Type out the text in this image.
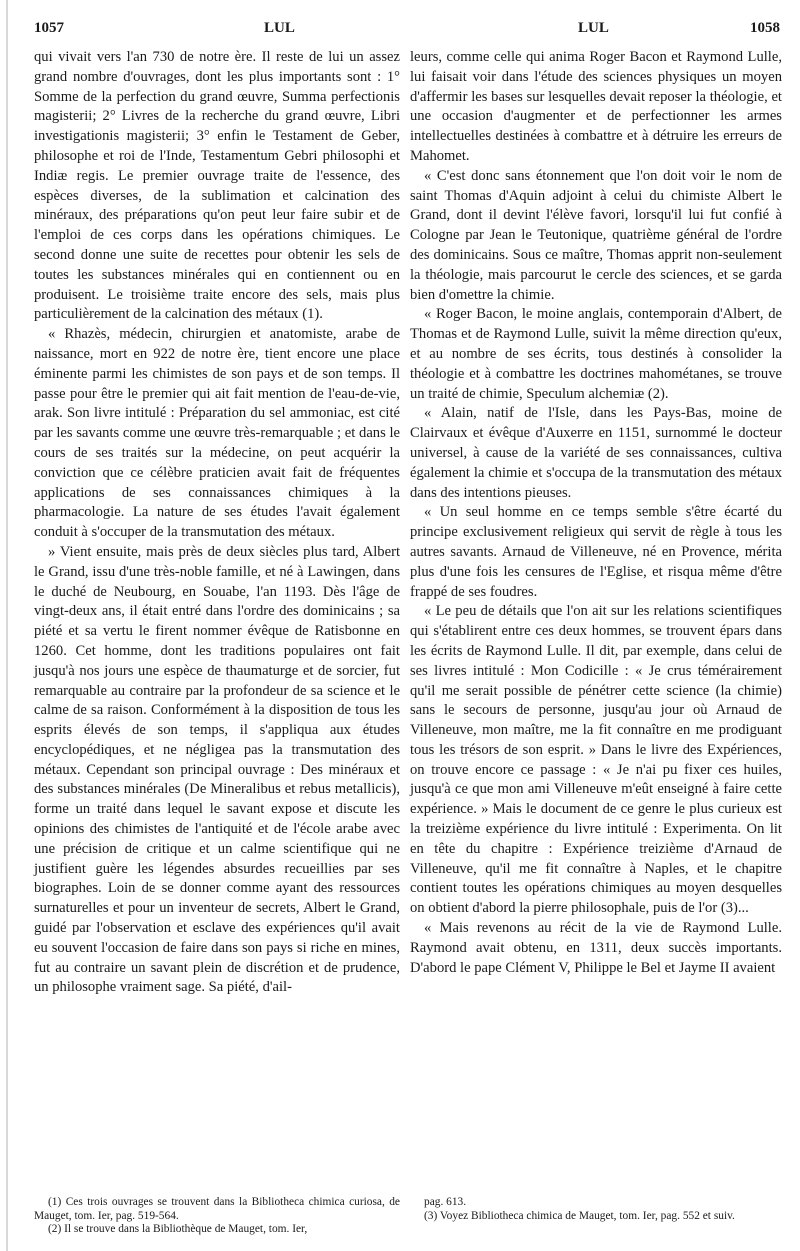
1057	LUL	LUL	1058

qui vivait vers l'an 730 de notre ère. Il reste de lui un assez grand nombre d'ouvrages, dont les plus importants sont : 1° Somme de la perfection du grand œuvre, Summa perfectionis magisterii; 2° Livres de la recherche du grand œuvre, Libri investigationis magisterii; 3° enfin le Testament de Geber, philosophe et roi de l'Inde, Testamentum Gebri philosophi et Indiæ regis. Le premier ouvrage traite de l'essence, des espèces diverses, de la sublimation et calcination des minéraux, des préparations qu'on peut leur faire subir et de l'emploi de ces corps dans les opérations chimiques. Le second donne une suite de recettes pour obtenir les sels de toutes les substances minérales qui en contiennent ou en produisent. Le troisième traite encore des sels, mais plus particulièrement de la calcination des métaux (1).

« Rhazès, médecin, chirurgien et anatomiste, arabe de naissance, mort en 922 de notre ère, tient encore une place éminente parmi les chimistes de son pays et de son temps. Il passe pour être le premier qui ait fait mention de l'eau-de-vie, arak. Son livre intitulé : Préparation du sel ammoniac, est cité par les savants comme une œuvre très-remarquable ; et dans le cours de ses traités sur la médecine, on peut acquérir la conviction que ce célèbre praticien avait fait de fréquentes applications de ses connaissances chimiques à la pharmacologie. La nature de ses études l'avait également conduit à s'occuper de la transmutation des métaux.

» Vient ensuite, mais près de deux siècles plus tard, Albert le Grand, issu d'une très-noble famille, et né à Lawingen, dans le duché de Neubourg, en Souabe, l'an 1193. Dès l'âge de vingt-deux ans, il était entré dans l'ordre des dominicains ; sa piété et sa vertu le firent nommer évêque de Ratisbonne en 1260. Cet homme, dont les traditions populaires ont fait jusqu'à nos jours une espèce de thaumaturge et de sorcier, fut remarquable au contraire par la profondeur de sa science et le calme de sa raison. Conformément à la disposition de tous les esprits élevés de son temps, il s'appliqua aux études encyclopédiques, et ne négligea pas la transmutation des métaux. Cependant son principal ouvrage : Des minéraux et des substances minérales (De Mineralibus et rebus metallicis), forme un traité dans lequel le savant expose et discute les opinions des chimistes de l'antiquité et de l'école arabe avec une précision de critique et un calme scientifique qui ne justifient guère les légendes absurdes recueillies par ses biographes. Loin de se donner comme ayant des ressources surnaturelles et pour un inventeur de secrets, Albert le Grand, guidé par l'observation et esclave des expériences qu'il avait eu souvent l'occasion de faire dans son pays si riche en mines, fut au contraire un savant plein de discrétion et de prudence, un philosophe vraiment sage. Sa piété, d'ail-

leurs, comme celle qui anima Roger Bacon et Raymond Lulle, lui faisait voir dans l'étude des sciences physiques un moyen d'affermir les bases sur lesquelles devait reposer la théologie, et une occasion d'augmenter et de perfectionner les armes intellectuelles destinées à combattre et à détruire les erreurs de Mahomet.

« C'est donc sans étonnement que l'on doit voir le nom de saint Thomas d'Aquin adjoint à celui du chimiste Albert le Grand, dont il devint l'élève favori, lorsqu'il lui fut confié à Cologne par Jean le Teutonique, quatrième général de l'ordre des dominicains. Sous ce maître, Thomas apprit non-seulement la théologie, mais parcourut le cercle des sciences, et se garda bien d'omettre la chimie.

« Roger Bacon, le moine anglais, contemporain d'Albert, de Thomas et de Raymond Lulle, suivit la même direction qu'eux, et au nombre de ses écrits, tous destinés à consolider la théologie et à combattre les doctrines mahométanes, se trouve un traité de chimie, Speculum alchemiæ (2).

« Alain, natif de l'Isle, dans les Pays-Bas, moine de Clairvaux et évêque d'Auxerre en 1151, surnommé le docteur universel, à cause de la variété de ses connaissances, cultiva également la chimie et s'occupa de la transmutation des métaux dans des intentions pieuses.

« Un seul homme en ce temps semble s'être écarté du principe exclusivement religieux qui servit de règle à tous les autres savants. Arnaud de Villeneuve, né en Provence, mérita plus d'une fois les censures de l'Eglise, et risqua même d'être frappé de ses foudres.

« Le peu de détails que l'on ait sur les relations scientifiques qui s'établirent entre ces deux hommes, se trouvent épars dans les écrits de Raymond Lulle. Il dit, par exemple, dans celui de ses livres intitulé : Mon Codicille : « Je crus témérairement qu'il me serait possible de pénétrer cette science (la chimie) sans le secours de personne, jusqu'au jour où Arnaud de Villeneuve, mon maître, me la fit connaître en me prodiguant tous les trésors de son esprit. » Dans le livre des Expériences, on trouve encore ce passage : « Je n'ai pu fixer ces huiles, jusqu'à ce que mon ami Villeneuve m'eût enseigné à faire cette expérience. » Mais le document de ce genre le plus curieux est la treizième expérience du livre intitulé : Experimenta. On lit en tête du chapitre : Expérience treizième d'Arnaud de Villeneuve, qu'il me fit connaître à Naples, et le chapitre contient toutes les opérations chimiques au moyen desquelles on obtient d'abord la pierre philosophale, puis de l'or (3)...

« Mais revenons au récit de la vie de Raymond Lulle. Raymond avait obtenu, en 1311, deux succès importants. D'abord le pape Clément V, Philippe le Bel et Jayme II avaient

(1) Ces trois ouvrages se trouvent dans la Bibliotheca chimica curiosa, de Mauget, tom. Ier, pag. 519-564.

(2) Il se trouve dans la Bibliothèque de Mauget, tom. Ier,

pag. 613.

(3) Voyez Bibliotheca chimica de Mauget, tom. Ier, pag. 552 et suiv.
